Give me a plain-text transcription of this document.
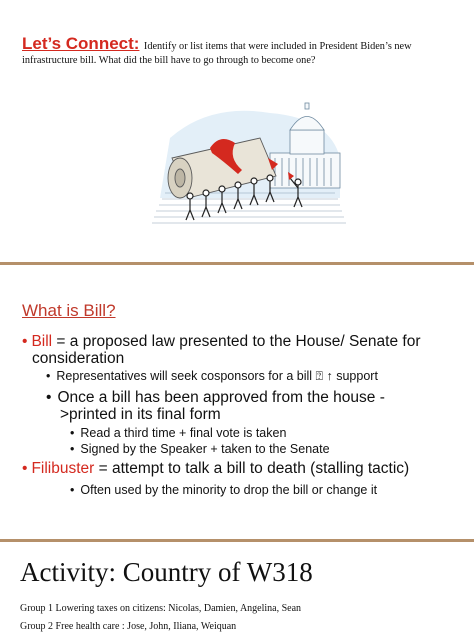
Let’s Connect: Identify or list items that were included in President Biden’s new
infrastructure bill. What did the bill have to go through to become one?
What is Bill?
• Bill = a proposed law presented to the House/ Senate for
consideration
• Representatives will seek cosponsors for a bill ⍰ ↑ support
• Once a bill has been approved from the house -
>printed in its final form
• Read a third time + final vote is taken
• Signed by the Speaker + taken to the Senate
• Filibuster = attempt to talk a bill to death (stalling tactic)
• Often used by the minority to drop the bill or change it
Activity: Country of W318
Group 1 Lowering taxes on citizens: Nicolas, Damien, Angelina, Sean
Group 2 Free health care : Jose, John, Iliana, Weiquan
